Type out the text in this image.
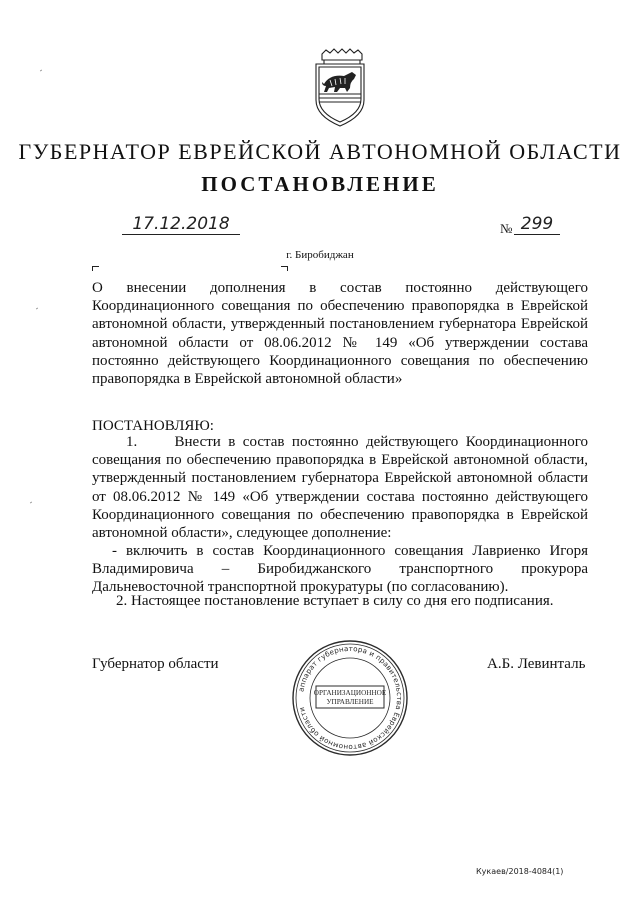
ГУБЕРНАТОР ЕВРЕЙСКОЙ АВТОНОМНОЙ ОБЛАСТИ
ПОСТАНОВЛЕНИЕ
17.12.2018	№ 299
г. Биробиджан
О внесении дополнения в состав постоянно действующего Координационного совещания по обеспечению правопорядка в Еврейской автономной области, утвержденный постановлением губернатора Еврейской автономной области от 08.06.2012 № 149 «Об утверждении состава постоянно действующего Координационного совещания по обеспечению правопорядка в Еврейской автономной области»
ПОСТАНОВЛЯЮ:
1.     Внести в состав постоянно действующего Координационного совещания по обеспечению правопорядка в Еврейской автономной области, утвержденный постановлением губернатора Еврейской автономной области от 08.06.2012 № 149 «Об утверждении состава постоянно действующего Координационного совещания по обеспечению правопорядка в Еврейской автономной области», следующее дополнение:
- включить в состав Координационного совещания Лавриенко Игоря Владимировича – Биробиджанского транспортного прокурора Дальневосточной транспортной прокуратуры (по согласованию).
2. Настоящее постановление вступает в силу со дня его подписания.
Губернатор области	А.Б. Левинталь
аппарат губернатора и правительства Еврейской автономной области
ОРГАНИЗАЦИОННОЕ
УПРАВЛЕНИЕ
Кукаев/2018-4084(1)
